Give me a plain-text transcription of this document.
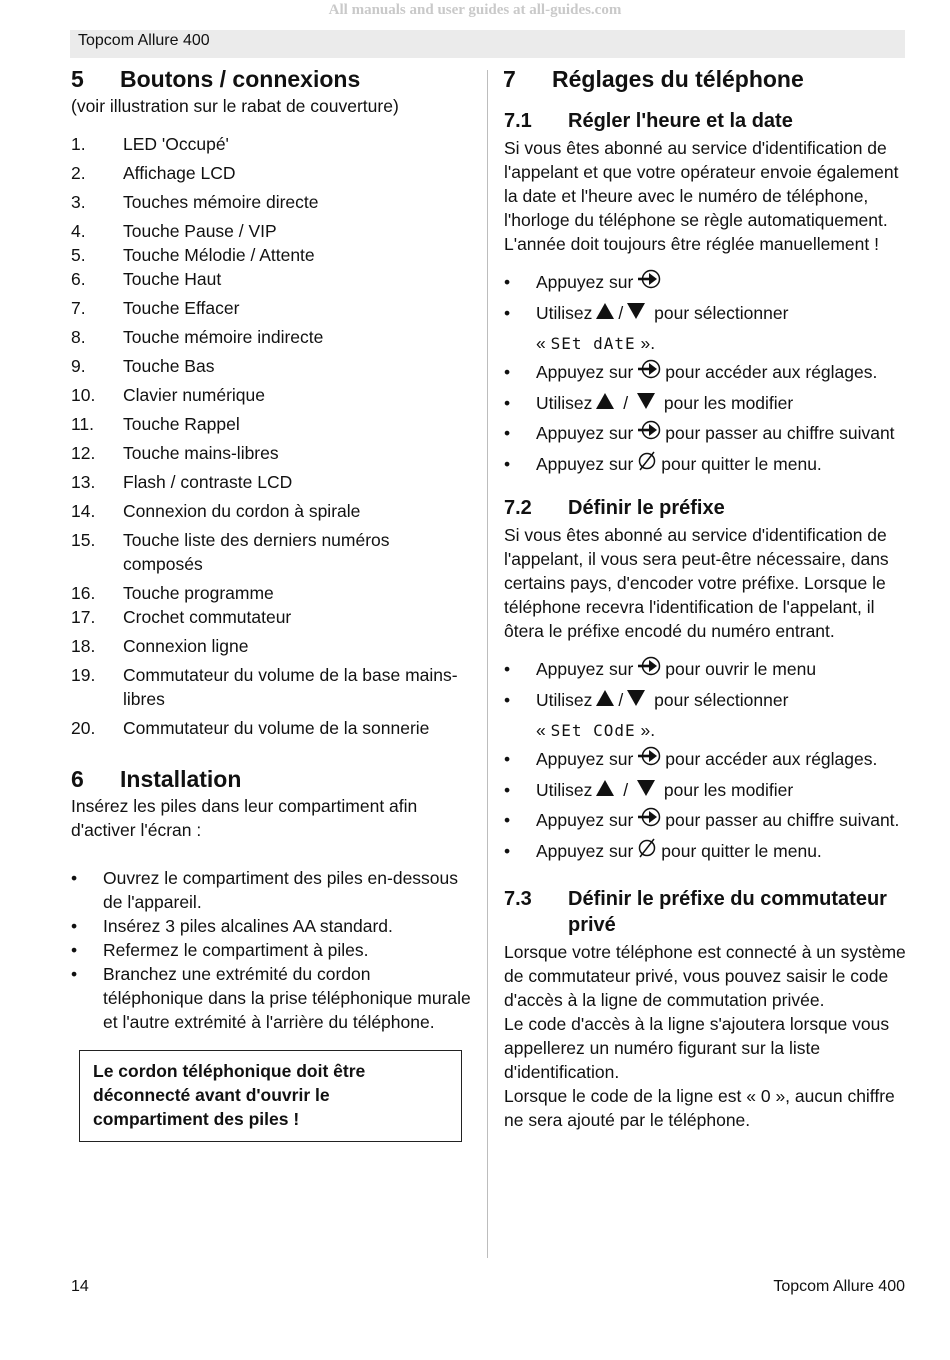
All manuals and user guides at all-guides.com
Topcom Allure 400
5 Boutons / connexions

(voir illustration sur le rabat de couverture)

1.	LED 'Occupé'
2.	Affichage LCD
3.	Touches mémoire directe
4.	Touche Pause / VIP
5.	Touche Mélodie / Attente
6.	Touche Haut
7.	Touche Effacer
8.	Touche mémoire indirecte
9.	Touche Bas
10.	Clavier numérique
11.	Touche Rappel
12.	Touche mains-libres
13.	Flash / contraste LCD
14.	Connexion du cordon à spirale
15.	Touche liste des derniers numéros composés
16.	Touche programme
17.	Crochet commutateur
18.	Connexion ligne
19.	Commutateur du volume de la base mains-libres
20.	Commutateur du volume de la sonnerie
6 Installation

Insérez les piles dans leur compartiment afin d'activer l'écran :

•	Ouvrez le compartiment des piles en-dessous de l'appareil.
•	Insérez 3 piles alcalines AA standard.
•	Refermez le compartiment à piles.
•	Branchez une extrémité du cordon téléphonique dans la prise téléphonique murale et l'autre extrémité à l'arrière du téléphone.
Le cordon téléphonique doit être déconnecté avant d'ouvrir le compartiment des piles !
7 Réglages du téléphone
7.1	Régler l'heure et la date

Si vous êtes abonné au service d'identification de l'appelant et que votre opérateur envoie également la date et l'heure avec le numéro de téléphone, l'horloge du téléphone se règle automatiquement. L'année doit toujours être réglée manuellement !

•	Appuyez sur
•	Utilisez / pour sélectionner
« SEt dAtE ».
•	Appuyez sur pour accéder aux réglages.
•	Utilisez /  pour les modifier
•	Appuyez sur pour passer au chiffre suivant
•	Appuyez sur pour quitter le menu.
7.2	Définir le préfixe

Si vous êtes abonné au service d'identification de l'appelant, il vous sera peut-être nécessaire, dans certains pays, d'encoder votre préfixe. Lorsque le téléphone recevra l'identification de l'appelant, il ôtera le préfixe encodé du numéro entrant.

•	Appuyez sur pour ouvrir le menu
•	Utilisez / pour sélectionner
« SEt COdE ».
•	Appuyez sur pour accéder aux réglages.
•	Utilisez /  pour les modifier
•	Appuyez sur pour passer au chiffre suivant.
•	Appuyez sur pour quitter le menu.
7.3	Définir le préfixe du commutateur privé

Lorsque votre téléphone est connecté à un système de commutateur privé, vous pouvez saisir le code d'accès à la ligne de commutation privée.

Le code d'accès à la ligne s'ajoutera lorsque vous appellerez un numéro figurant sur la liste d'identification.

Lorsque le code de la ligne est « 0 », aucun chiffre ne sera ajouté par le téléphone.

14	Topcom Allure 400
